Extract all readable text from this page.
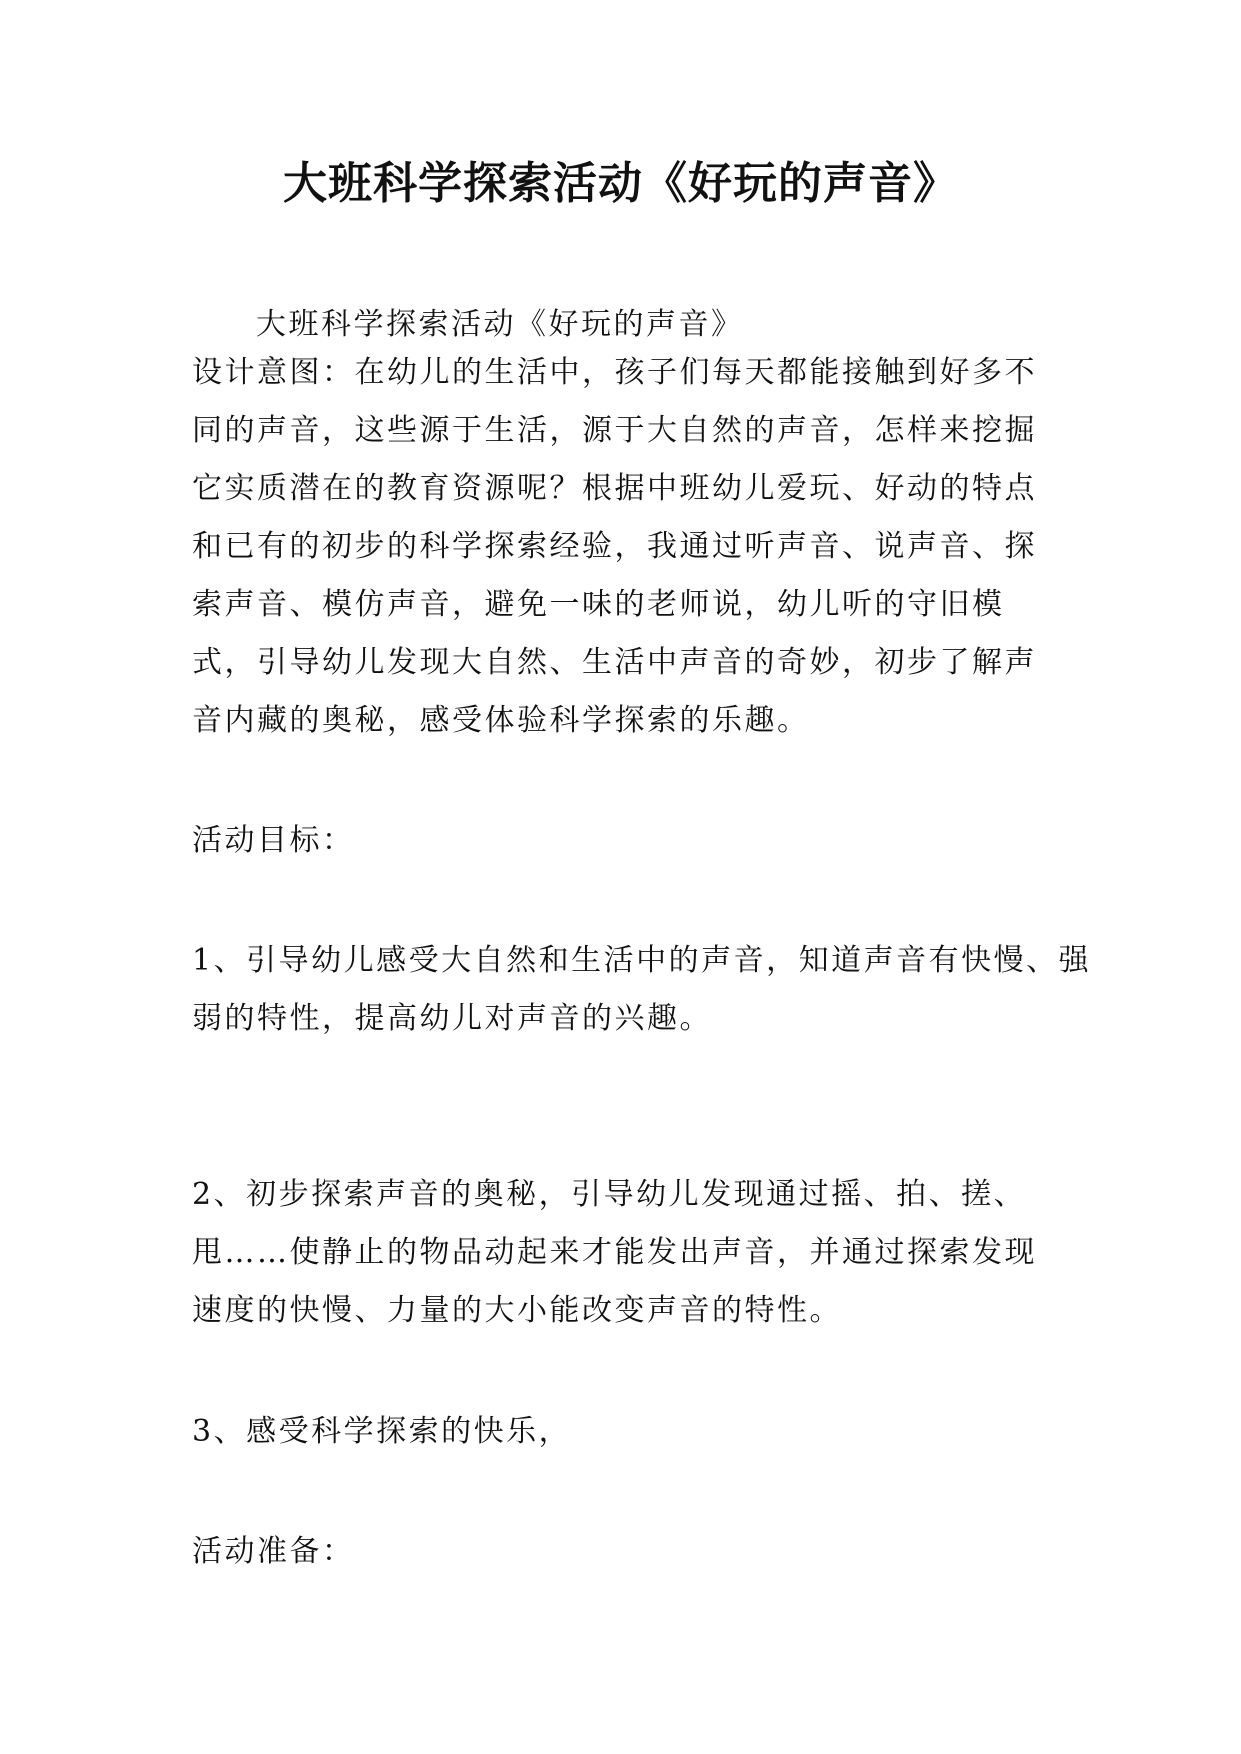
大班科学探索活动《好玩的声音》

大班科学探索活动《好玩的声音》

设计意图：在幼儿的生活中，孩子们每天都能接触到好多不同的声音，这些源于生活，源于大自然的声音，怎样来挖掘它实质潜在的教育资源呢？根据中班幼儿爱玩、好动的特点和已有的初步的科学探索经验，我通过听声音、说声音、探索声音、模仿声音，避免一味的老师说，幼儿听的守旧模式，引导幼儿发现大自然、生活中声音的奇妙，初步了解声音内藏的奥秘，感受体验科学探索的乐趣。

活动目标：

1、引导幼儿感受大自然和生活中的声音，知道声音有快慢、强弱的特性，提高幼儿对声音的兴趣。

2、初步探索声音的奥秘，引导幼儿发现通过摇、拍、搓、甩……使静止的物品动起来才能发出声音，并通过探索发现速度的快慢、力量的大小能改变声音的特性。

3、感受科学探索的快乐，

活动准备：
